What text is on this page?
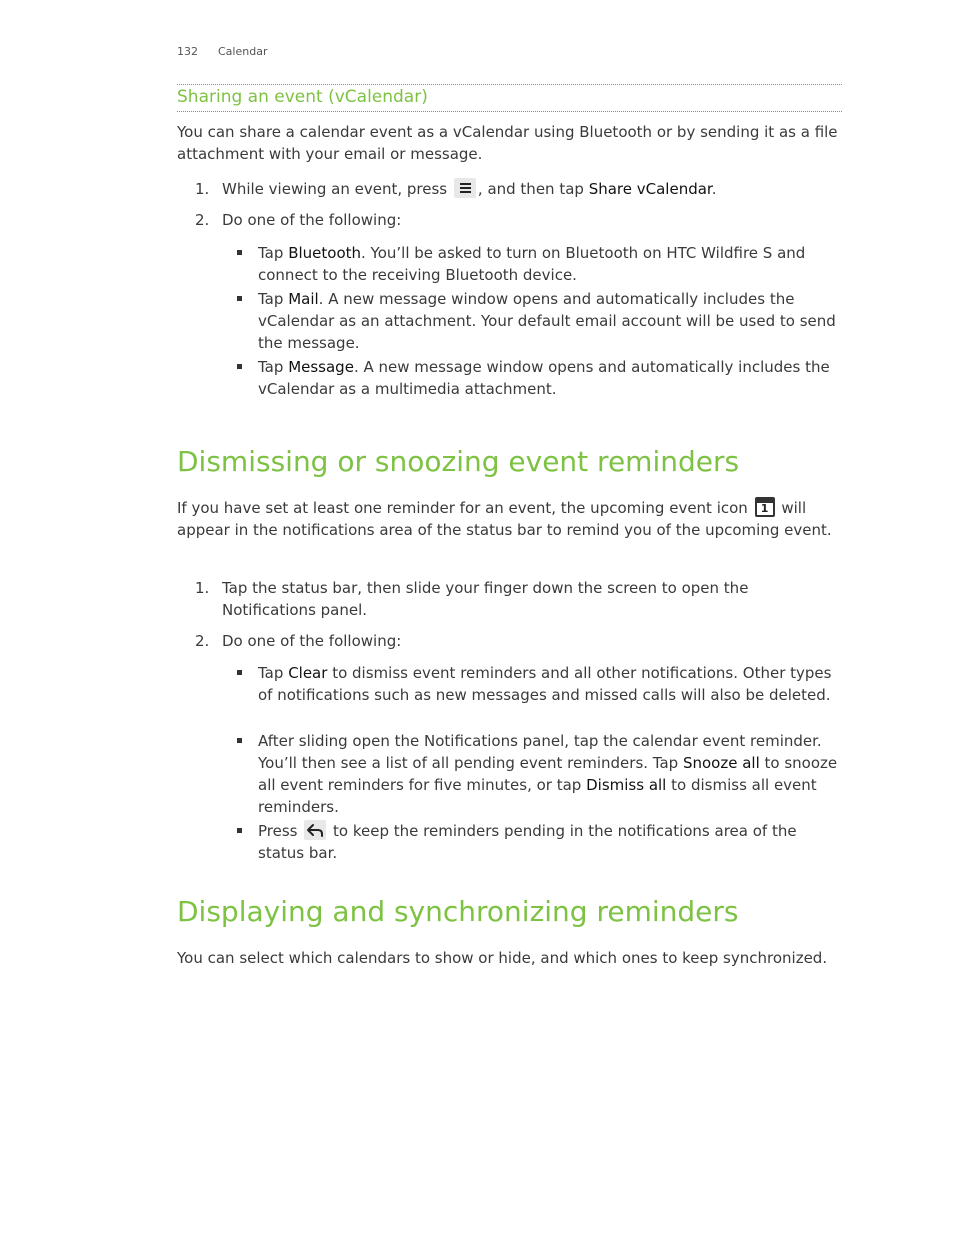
132 Calendar
Sharing an event (vCalendar)

You can share a calendar event as a vCalendar using Bluetooth or by sending it as a file attachment with your email or message.

1. While viewing an event, press , and then tap Share vCalendar.
2. Do one of the following:
Tap Bluetooth. You’ll be asked to turn on Bluetooth on HTC Wildfire S and connect to the receiving Bluetooth device.
Tap Mail. A new message window opens and automatically includes the vCalendar as an attachment. Your default email account will be used to send the message.
Tap Message. A new message window opens and automatically includes the vCalendar as a multimedia attachment.
Dismissing or snoozing event reminders

If you have set at least one reminder for an event, the upcoming event icon	1 will appear in the notifications area of the status bar to remind you of the upcoming event.

1. Tap the status bar, then slide your finger down the screen to open the Notifications panel.
2. Do one of the following:
Tap Clear to dismiss event reminders and all other notifications. Other types of notifications such as new messages and missed calls will also be deleted.
After sliding open the Notifications panel, tap the calendar event reminder. You’ll then see a list of all pending event reminders. Tap Snooze all to snooze all event reminders for five minutes, or tap Dismiss all to dismiss all event reminders.
Press to keep the reminders pending in the notifications area of the status bar.
Displaying and synchronizing reminders

You can select which calendars to show or hide, and which ones to keep synchronized.
